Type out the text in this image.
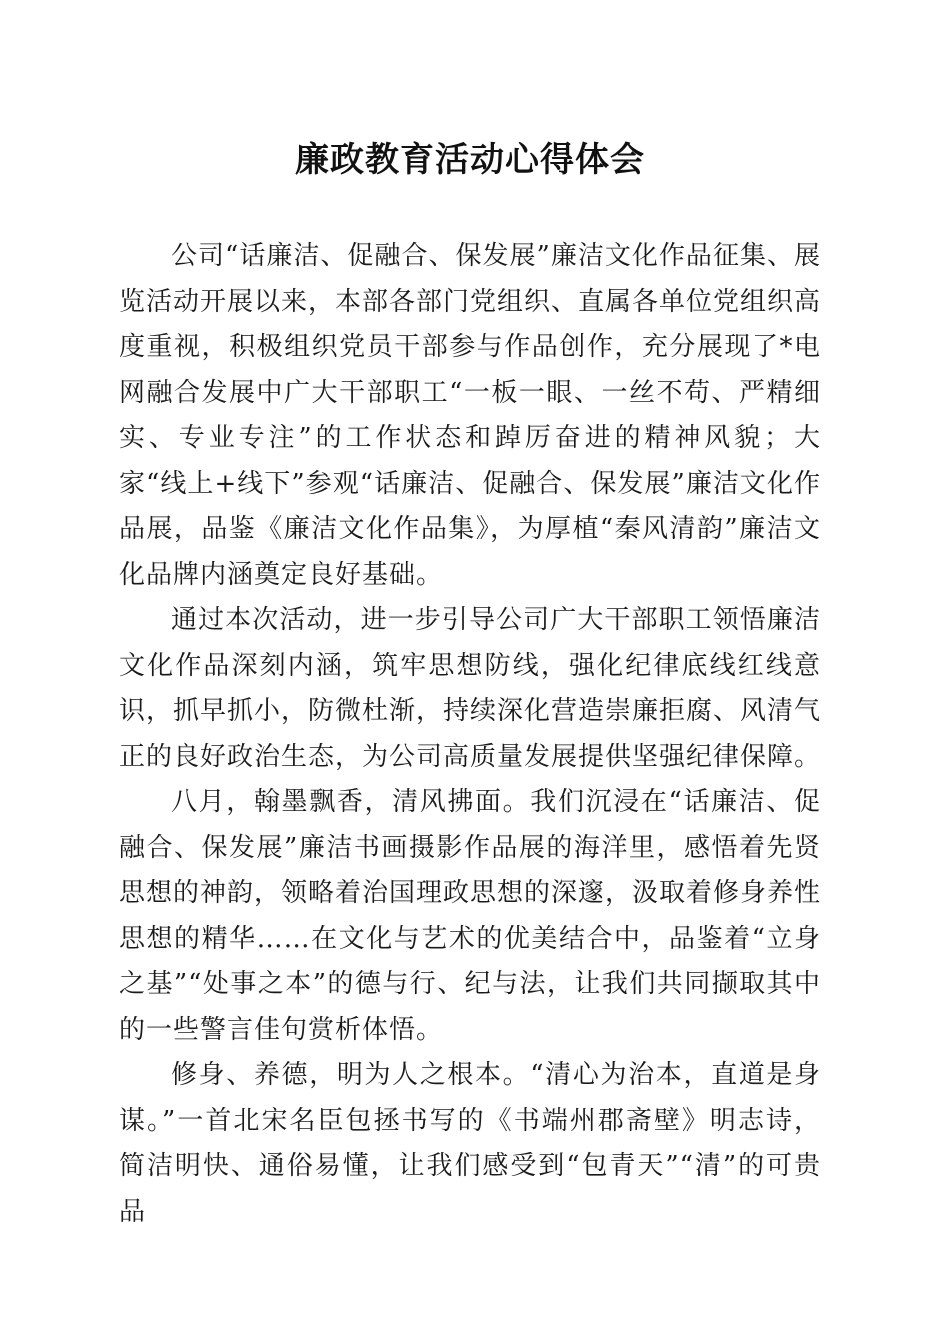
廉政教育活动心得体会

公司“话廉洁、促融合、保发展”廉洁文化作品征集、展览活动开展以来，本部各部门党组织、直属各单位党组织高度重视，积极组织党员干部参与作品创作，充分展现了*电网融合发展中广大干部职工“一板一眼、一丝不苟、严精细实、专业专注”的工作状态和踔厉奋进的精神风貌；大家“线上+线下”参观“话廉洁、促融合、保发展”廉洁文化作品展，品鉴《廉洁文化作品集》，为厚植“秦风清韵”廉洁文化品牌内涵奠定良好基础。

通过本次活动，进一步引导公司广大干部职工领悟廉洁文化作品深刻内涵，筑牢思想防线，强化纪律底线红线意识，抓早抓小，防微杜渐，持续深化营造崇廉拒腐、风清气正的良好政治生态，为公司高质量发展提供坚强纪律保障。

八月，翰墨飘香，清风拂面。我们沉浸在“话廉洁、促融合、保发展”廉洁书画摄影作品展的海洋里，感悟着先贤思想的神韵，领略着治国理政思想的深邃，汲取着修身养性思想的精华……在文化与艺术的优美结合中，品鉴着“立身之基”“处事之本”的德与行、纪与法，让我们共同撷取其中的一些警言佳句赏析体悟。

修身、养德，明为人之根本。“清心为治本，直道是身谋。”一首北宋名臣包拯书写的《书端州郡斋壁》明志诗，简洁明快、通俗易懂，让我们感受到“包青天”“清”的可贵品
